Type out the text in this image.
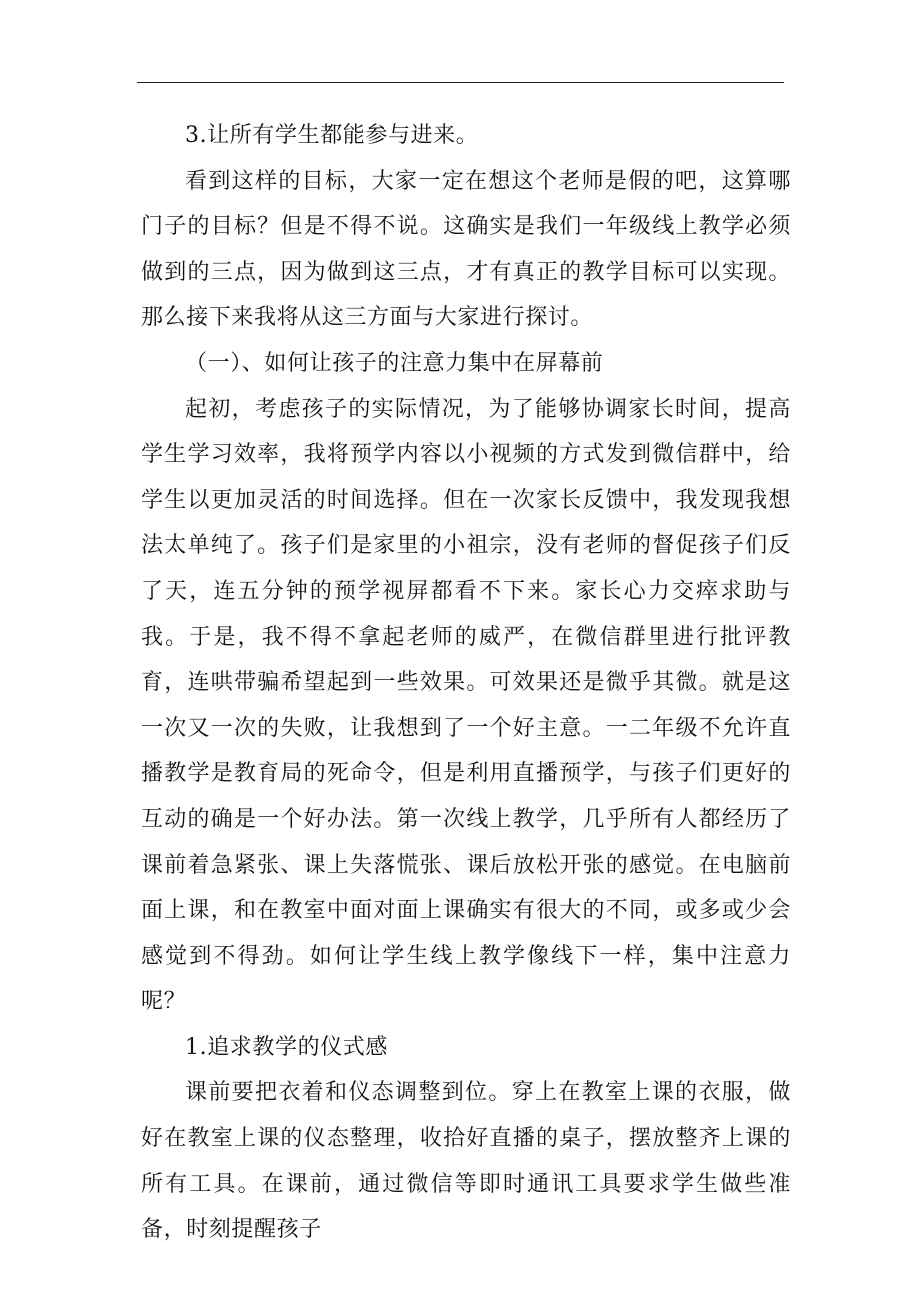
3.让所有学生都能参与进来。

看到这样的目标，大家一定在想这个老师是假的吧，这算哪门子的目标？但是不得不说。这确实是我们一年级线上教学必须做到的三点，因为做到这三点，才有真正的教学目标可以实现。那么接下来我将从这三方面与大家进行探讨。

（一）、如何让孩子的注意力集中在屏幕前

起初，考虑孩子的实际情况，为了能够协调家长时间，提高学生学习效率，我将预学内容以小视频的方式发到微信群中，给学生以更加灵活的时间选择。但在一次家长反馈中，我发现我想法太单纯了。孩子们是家里的小祖宗，没有老师的督促孩子们反了天，连五分钟的预学视屏都看不下来。家长心力交瘁求助与我。于是，我不得不拿起老师的威严，在微信群里进行批评教育，连哄带骗希望起到一些效果。可效果还是微乎其微。就是这一次又一次的失败，让我想到了一个好主意。一二年级不允许直播教学是教育局的死命令，但是利用直播预学，与孩子们更好的互动的确是一个好办法。第一次线上教学，几乎所有人都经历了课前着急紧张、课上失落慌张、课后放松开张的感觉。在电脑前面上课，和在教室中面对面上课确实有很大的不同，或多或少会感觉到不得劲。如何让学生线上教学像线下一样，集中注意力呢？

1.追求教学的仪式感

课前要把衣着和仪态调整到位。穿上在教室上课的衣服，做好在教室上课的仪态整理，收拾好直播的桌子，摆放整齐上课的所有工具。在课前，通过微信等即时通讯工具要求学生做些准备，时刻提醒孩子
